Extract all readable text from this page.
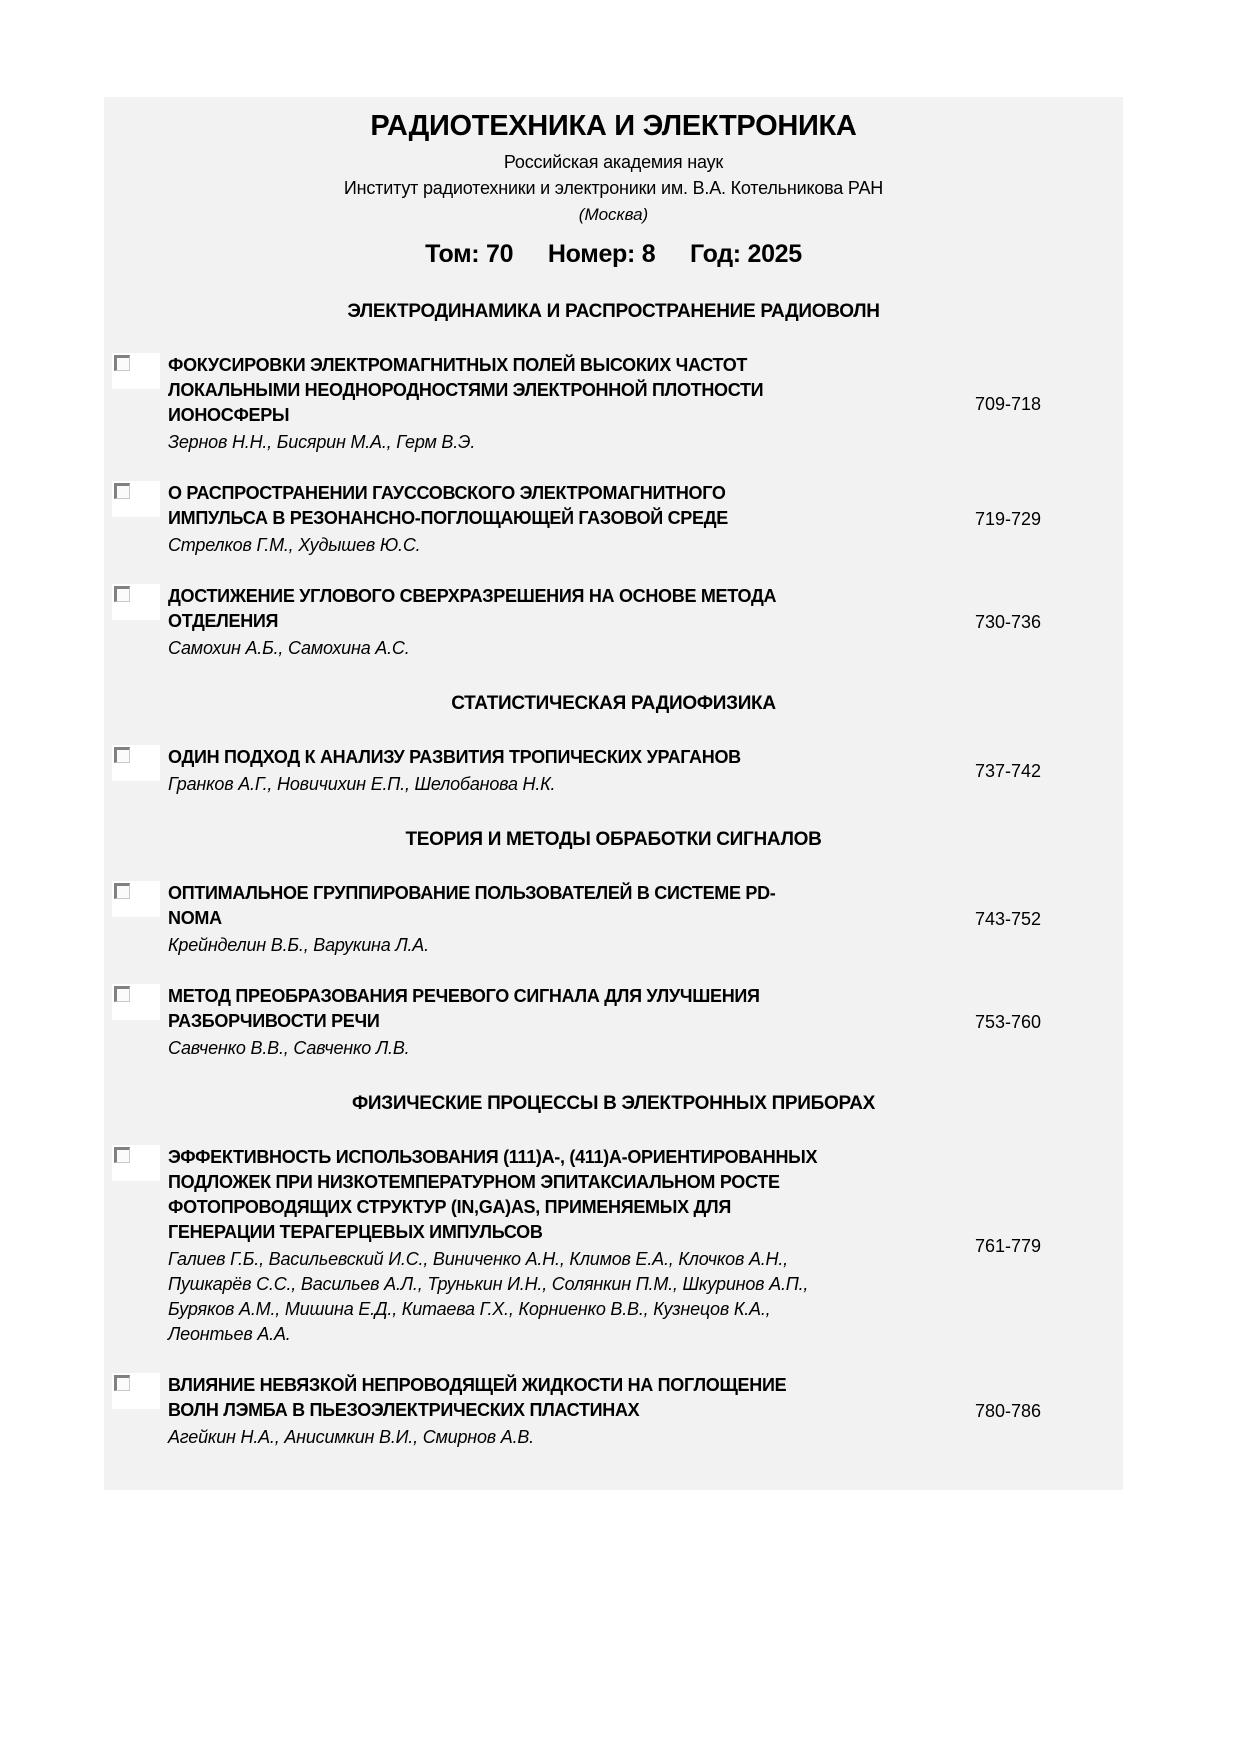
РАДИОТЕХНИКА И ЭЛЕКТРОНИКА
Российская академия наук
Институт радиотехники и электроники им. В.А. Котельникова РАН
(Москва)
Том: 70 Номер: 8 Год: 2025
ЭЛЕКТРОДИНАМИКА И РАСПРОСТРАНЕНИЕ РАДИОВОЛН
ФОКУСИРОВКИ ЭЛЕКТРОМАГНИТНЫХ ПОЛЕЙ ВЫСОКИХ ЧАСТОТ ЛОКАЛЬНЫМИ НЕОДНОРОДНОСТЯМИ ЭЛЕКТРОННОЙ ПЛОТНОСТИ ИОНОСФЕРЫ
Зернов Н.Н., Бисярин М.А., Герм В.Э.
709-718
О РАСПРОСТРАНЕНИИ ГАУССОВСКОГО ЭЛЕКТРОМАГНИТНОГО ИМПУЛЬСА В РЕЗОНАНСНО-ПОГЛОЩАЮЩЕЙ ГАЗОВОЙ СРЕДЕ
Стрелков Г.М., Худышев Ю.С.
719-729
ДОСТИЖЕНИЕ УГЛОВОГО СВЕРХРАЗРЕШЕНИЯ НА ОСНОВЕ МЕТОДА ОТДЕЛЕНИЯ
Самохин А.Б., Самохина А.С.
730-736
СТАТИСТИЧЕСКАЯ РАДИОФИЗИКА
ОДИН ПОДХОД К АНАЛИЗУ РАЗВИТИЯ ТРОПИЧЕСКИХ УРАГАНОВ
Гранков А.Г., Новичихин Е.П., Шелобанова Н.К.
737-742
ТЕОРИЯ И МЕТОДЫ ОБРАБОТКИ СИГНАЛОВ
ОПТИМАЛЬНОЕ ГРУППИРОВАНИЕ ПОЛЬЗОВАТЕЛЕЙ В СИСТЕМЕ PD-NOMA
Крейнделин В.Б., Варукина Л.А.
743-752
МЕТОД ПРЕОБРАЗОВАНИЯ РЕЧЕВОГО СИГНАЛА ДЛЯ УЛУЧШЕНИЯ РАЗБОРЧИВОСТИ РЕЧИ
Савченко В.В., Савченко Л.В.
753-760
ФИЗИЧЕСКИЕ ПРОЦЕССЫ В ЭЛЕКТРОННЫХ ПРИБОРАХ
ЭФФЕКТИВНОСТЬ ИСПОЛЬЗОВАНИЯ (111)А-, (411)А-ОРИЕНТИРОВАННЫХ ПОДЛОЖЕК ПРИ НИЗКОТЕМПЕРАТУРНОМ ЭПИТАКСИАЛЬНОМ РОСТЕ ФОТОПРОВОДЯЩИХ СТРУКТУР (IN,GA)AS, ПРИМЕНЯЕМЫХ ДЛЯ ГЕНЕРАЦИИ ТЕРАГЕРЦЕВЫХ ИМПУЛЬСОВ
Галиев Г.Б., Васильевский И.С., Виниченко А.Н., Климов Е.А., Клочков А.Н., Пушкарёв С.С., Васильев А.Л., Трунькин И.Н., Солянкин П.М., Шкуринов А.П., Буряков А.М., Мишина Е.Д., Китаева Г.Х., Корниенко В.В., Кузнецов К.А., Леонтьев А.А.
761-779
ВЛИЯНИЕ НЕВЯЗКОЙ НЕПРОВОДЯЩЕЙ ЖИДКОСТИ НА ПОГЛОЩЕНИЕ ВОЛН ЛЭМБА В ПЬЕЗОЭЛЕКТРИЧЕСКИХ ПЛАСТИНАХ
Агейкин Н.А., Анисимкин В.И., Смирнов А.В.
780-786
